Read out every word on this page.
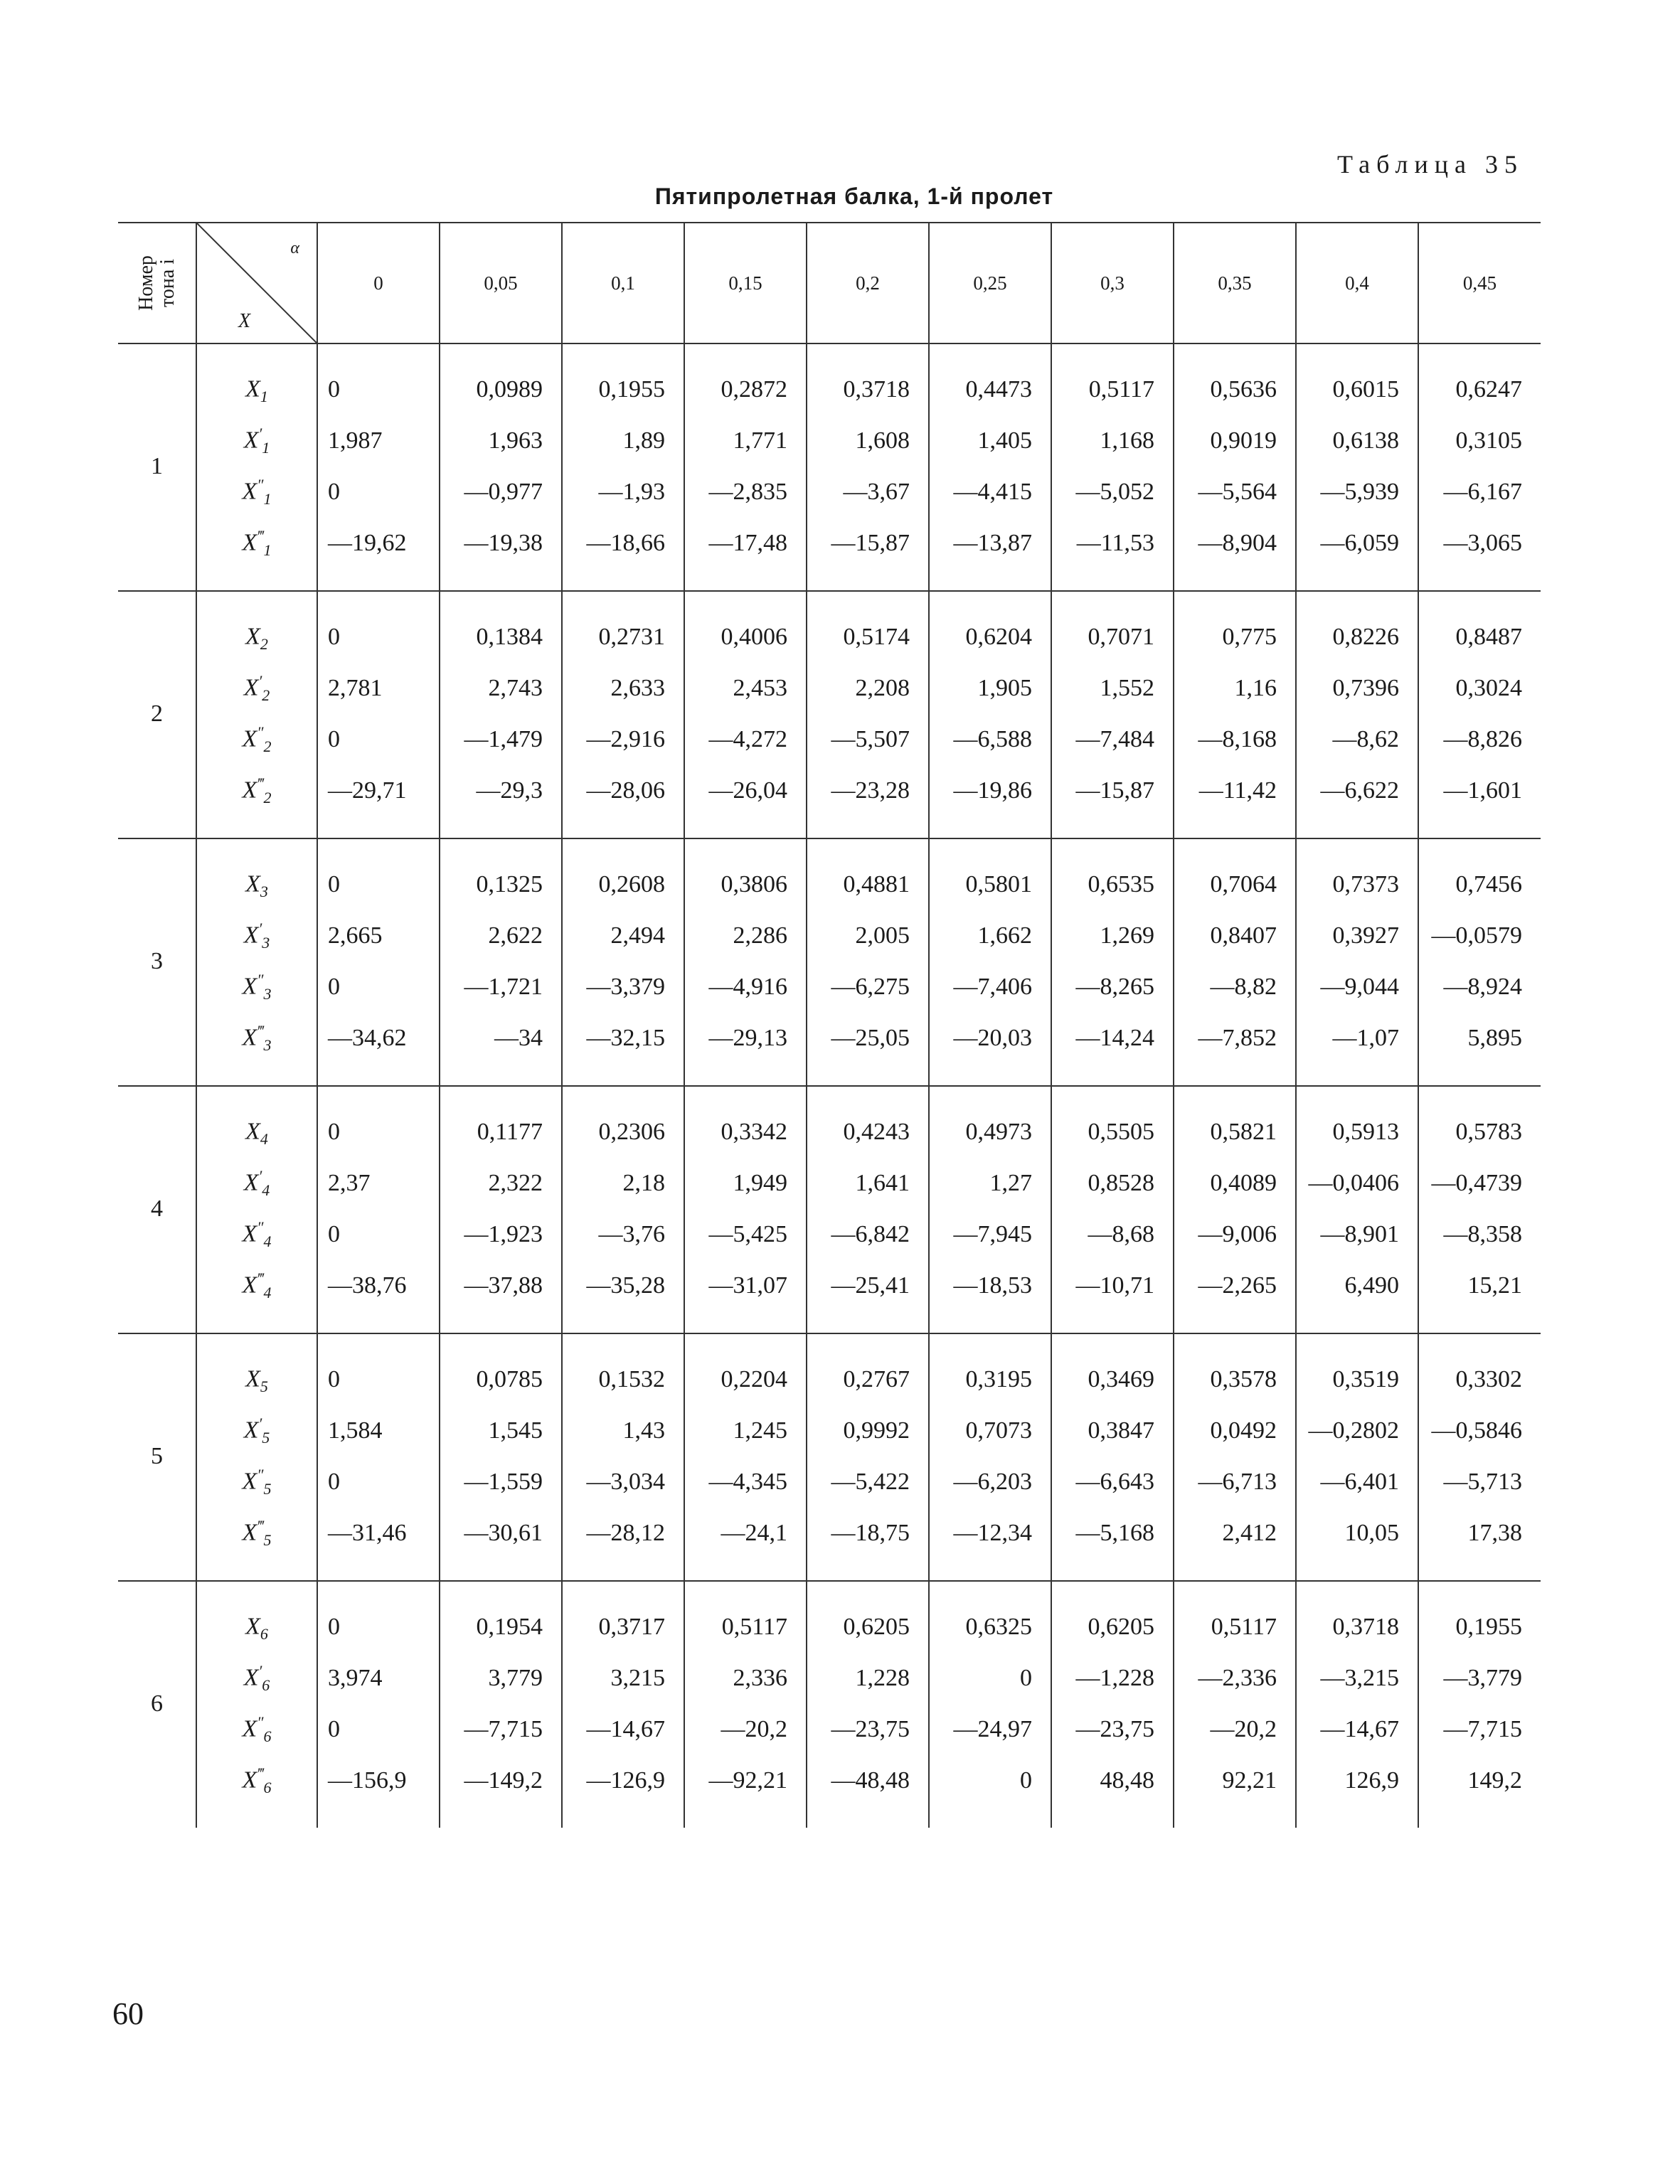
Таблица 35
Пятипролетная балка, 1-й пролет
Номер
тона i	α
X	0	0,05	0,1	0,15	0,2	0,25	0,3	0,35	0,4	0,45

1	$X_1$	0	0,0989	0,1955	0,2872	0,3718	0,4473	0,5117	0,5636	0,6015	0,6247
	$X'_1$	1,987	1,963	1,89	1,771	1,608	1,405	1,168	0,9019	0,6138	0,3105
	$X''_1$	0	—0,977	—1,93	—2,835	—3,67	—4,415	—5,052	—5,564	—5,939	—6,167
	$X^‴_1$	—19,62	—19,38	—18,66	—17,48	—15,87	—13,87	—11,53	—8,904	—6,059	—3,065

2	$X_2$	0	0,1384	0,2731	0,4006	0,5174	0,6204	0,7071	0,775	0,8226	0,8487
	$X'_2$	2,781	2,743	2,633	2,453	2,208	1,905	1,552	1,16	0,7396	0,3024
	$X''_2$	0	—1,479	—2,916	—4,272	—5,507	—6,588	—7,484	—8,168	—8,62	—8,826
	$X^‴_2$	—29,71	—29,3	—28,06	—26,04	—23,28	—19,86	—15,87	—11,42	—6,622	—1,601

3	$X_3$	0	0,1325	0,2608	0,3806	0,4881	0,5801	0,6535	0,7064	0,7373	0,7456
	$X'_3$	2,665	2,622	2,494	2,286	2,005	1,662	1,269	0,8407	0,3927	—0,0579
	$X''_3$	0	—1,721	—3,379	—4,916	—6,275	—7,406	—8,265	—8,82	—9,044	—8,924
	$X^‴_3$	—34,62	—34	—32,15	—29,13	—25,05	—20,03	—14,24	—7,852	—1,07	5,895

4	$X_4$	0	0,1177	0,2306	0,3342	0,4243	0,4973	0,5505	0,5821	0,5913	0,5783
	$X'_4$	2,37	2,322	2,18	1,949	1,641	1,27	0,8528	0,4089	—0,0406	—0,4739
	$X''_4$	0	—1,923	—3,76	—5,425	—6,842	—7,945	—8,68	—9,006	—8,901	—8,358
	$X^‴_4$	—38,76	—37,88	—35,28	—31,07	—25,41	—18,53	—10,71	—2,265	6,490	15,21

5	$X_5$	0	0,0785	0,1532	0,2204	0,2767	0,3195	0,3469	0,3578	0,3519	0,3302
	$X'_5$	1,584	1,545	1,43	1,245	0,9992	0,7073	0,3847	0,0492	—0,2802	—0,5846
	$X''_5$	0	—1,559	—3,034	—4,345	—5,422	—6,203	—6,643	—6,713	—6,401	—5,713
	$X^‴_5$	—31,46	—30,61	—28,12	—24,1	—18,75	—12,34	—5,168	2,412	10,05	17,38

6	$X_6$	0	0,1954	0,3717	0,5117	0,6205	0,6325	0,6205	0,5117	0,3718	0,1955
	$X'_6$	3,974	3,779	3,215	2,336	1,228	0	—1,228	—2,336	—3,215	—3,779
	$X''_6$	0	—7,715	—14,67	—20,2	—23,75	—24,97	—23,75	—20,2	—14,67	—7,715
	$X^‴_6$	—156,9	—149,2	—126,9	—92,21	—48,48	0	48,48	92,21	126,9	149,2

60
